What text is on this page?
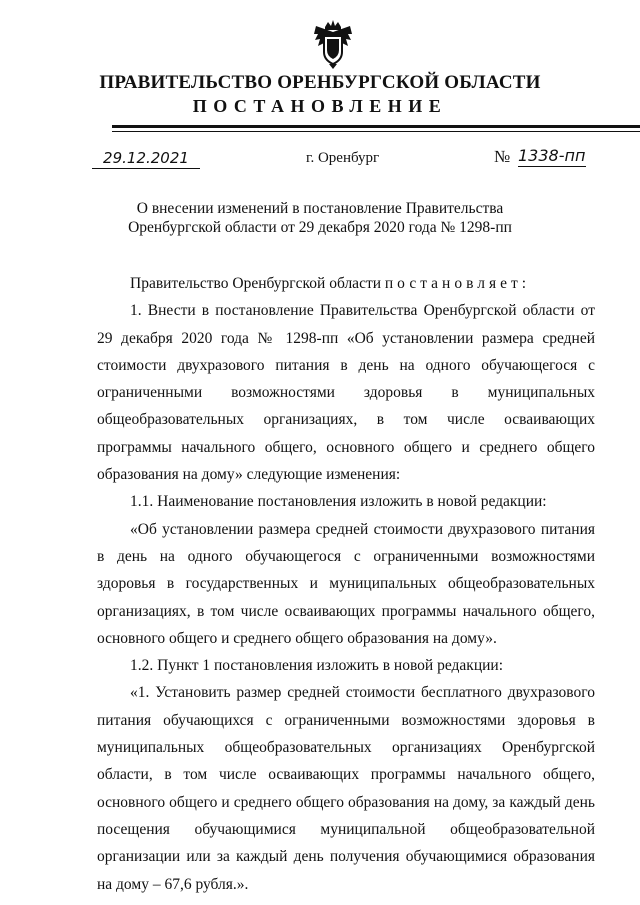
ПРАВИТЕЛЬСТВО ОРЕНБУРГСКОЙ ОБЛАСТИ
ПОСТАНОВЛЕНИЕ
29.12.2021	г. Оренбург	№ 1338-пп
О внесении изменений в постановление Правительства
Оренбургской области от 29 декабря 2020 года № 1298-пп

Правительство Оренбургской области постановляет:

1. Внести в постановление Правительства Оренбургской области от 29 декабря 2020 года № 1298-пп «Об установлении размера средней стоимости двухразового питания в день на одного обучающегося с ограниченными возможностями здоровья в муниципальных общеобразовательных организациях, в том числе осваивающих программы начального общего, основного общего и среднего общего образования на дому» следующие изменения:

1.1. Наименование постановления изложить в новой редакции:

«Об установлении размера средней стоимости двухразового питания в день на одного обучающегося с ограниченными возможностями здоровья в государственных и муниципальных общеобразовательных организациях, в том числе осваивающих программы начального общего, основного общего и среднего общего образования на дому».

1.2. Пункт 1 постановления изложить в новой редакции:

«1. Установить размер средней стоимости бесплатного двухразового питания обучающихся с ограниченными возможностями здоровья в муниципальных общеобразовательных организациях Оренбургской области, в том числе осваивающих программы начального общего, основного общего и среднего общего образования на дому, за каждый день посещения обучающимися муниципальной общеобразовательной организации или за каждый день получения обучающимися образования на дому – 67,6 рубля.».
